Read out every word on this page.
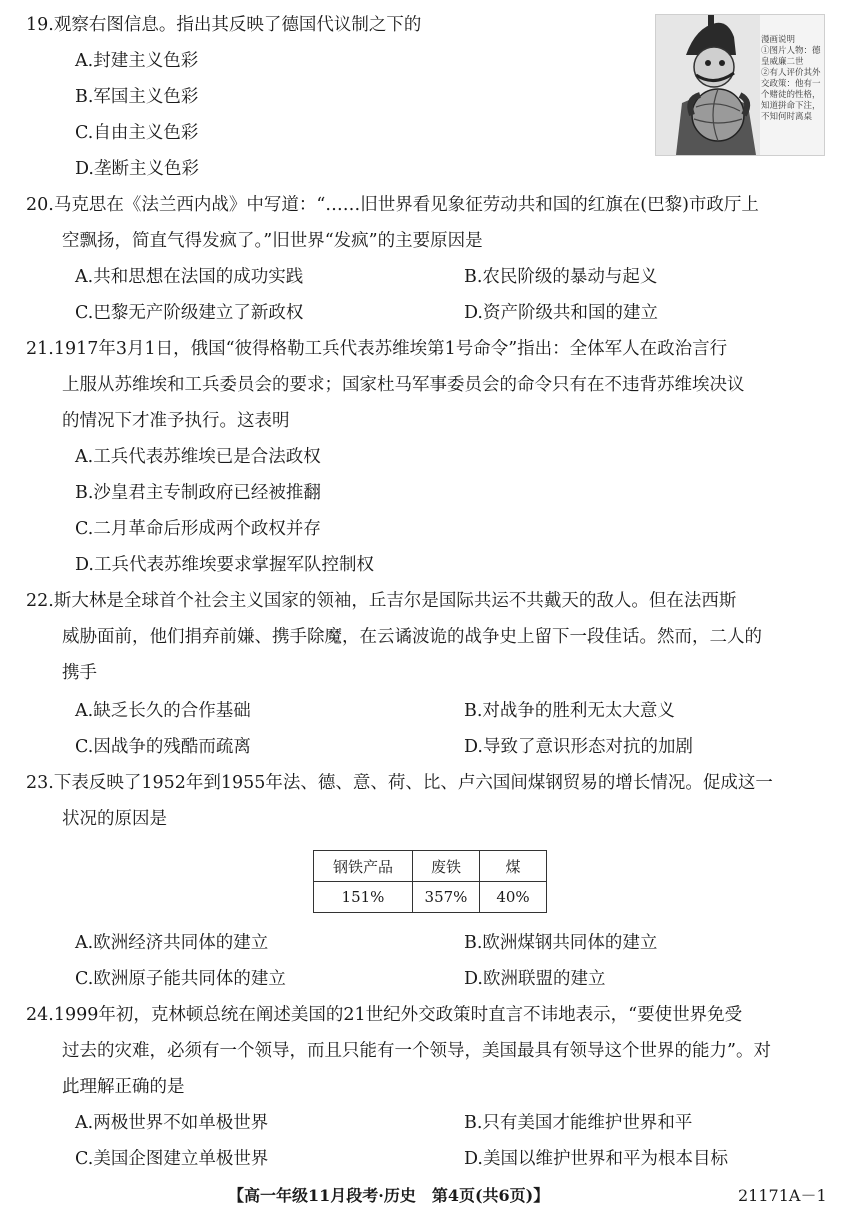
19.观察右图信息。指出其反映了德国代议制之下的
A.封建主义色彩
B.军国主义色彩
C.自由主义色彩
D.垄断主义色彩
漫画说明
①图片人物：德皇威廉二世
②有人评价其外交政策：他有一个赌徒的性格，知道拼命下注，不知何时离桌
20.马克思在《法兰西内战》中写道：“……旧世界看见象征劳动共和国的红旗在(巴黎)市政厅上
空飘扬，简直气得发疯了。”旧世界“发疯”的主要原因是
A.共和思想在法国的成功实践	B.农民阶级的暴动与起义
C.巴黎无产阶级建立了新政权	D.资产阶级共和国的建立
21.1917年3月1日，俄国“彼得格勒工兵代表苏维埃第1号命令”指出：全体军人在政治言行
上服从苏维埃和工兵委员会的要求；国家杜马军事委员会的命令只有在不违背苏维埃决议
的情况下才准予执行。这表明
A.工兵代表苏维埃已是合法政权
B.沙皇君主专制政府已经被推翻
C.二月革命后形成两个政权并存
D.工兵代表苏维埃要求掌握军队控制权
22.斯大林是全球首个社会主义国家的领袖，丘吉尔是国际共运不共戴天的敌人。但在法西斯
威胁面前，他们捐弃前嫌、携手除魔，在云谲波诡的战争史上留下一段佳话。然而，二人的
携手
A.缺乏长久的合作基础	B.对战争的胜利无太大意义
C.因战争的残酷而疏离	D.导致了意识形态对抗的加剧
23.下表反映了1952年到1955年法、德、意、荷、比、卢六国间煤钢贸易的增长情况。促成这一
状况的原因是
钢铁产品	废铁	煤
151%	357%	40%
A.欧洲经济共同体的建立	B.欧洲煤钢共同体的建立
C.欧洲原子能共同体的建立	D.欧洲联盟的建立
24.1999年初，克林顿总统在阐述美国的21世纪外交政策时直言不讳地表示，“要使世界免受
过去的灾难，必须有一个领导，而且只能有一个领导，美国最具有领导这个世界的能力”。对
此理解正确的是
A.两极世界不如单极世界	B.只有美国才能维护世界和平
C.美国企图建立单极世界	D.美国以维护世界和平为根本目标
【高一年级11月段考·历史　第4页(共6页)】	21171A－1
